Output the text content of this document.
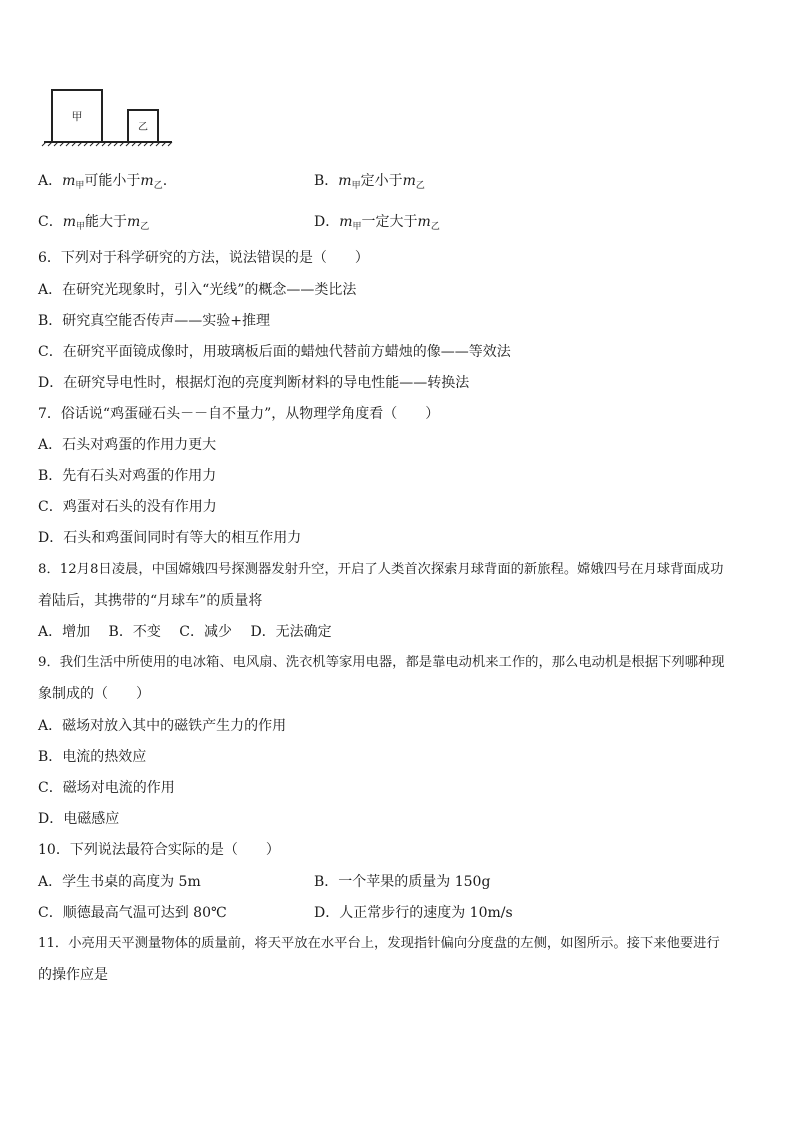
甲
乙
A．$m_甲$可能小于$m_乙$.	B．$m_甲$定小于$m_乙$
C．$m_甲$能大于$m_乙$	D．$m_甲$一定大于$m_乙$
6．下列对于科学研究的方法，说法错误的是（　　）
A．在研究光现象时，引入“光线”的概念——类比法
B．研究真空能否传声——实验+推理
C．在研究平面镜成像时，用玻璃板后面的蜡烛代替前方蜡烛的像——等效法
D．在研究导电性时，根据灯泡的亮度判断材料的导电性能——转换法
7．俗话说“鸡蛋碰石头－－自不量力”，从物理学角度看（　　）
A．石头对鸡蛋的作用力更大
B．先有石头对鸡蛋的作用力
C．鸡蛋对石头的没有作用力
D．石头和鸡蛋间同时有等大的相互作用力
8．12月8日凌晨，中国嫦娥四号探测器发射升空，开启了人类首次探索月球背面的新旅程。嫦娥四号在月球背面成功
着陆后，其携带的“月球车”的质量将
A．增加　 B．不变　 C．减少　 D．无法确定
9．我们生活中所使用的电冰箱、电风扇、洗衣机等家用电器，都是靠电动机来工作的，那么电动机是根据下列哪种现
象制成的（　　）
A．磁场对放入其中的磁铁产生力的作用
B．电流的热效应
C．磁场对电流的作用
D．电磁感应
10．下列说法最符合实际的是（　　）
A．学生书桌的高度为 5m	B．一个苹果的质量为 150g
C．顺德最高气温可达到 80℃	D．人正常步行的速度为 10m/s
11．小亮用天平测量物体的质量前，将天平放在水平台上，发现指针偏向分度盘的左侧，如图所示。接下来他要进行
的操作应是
